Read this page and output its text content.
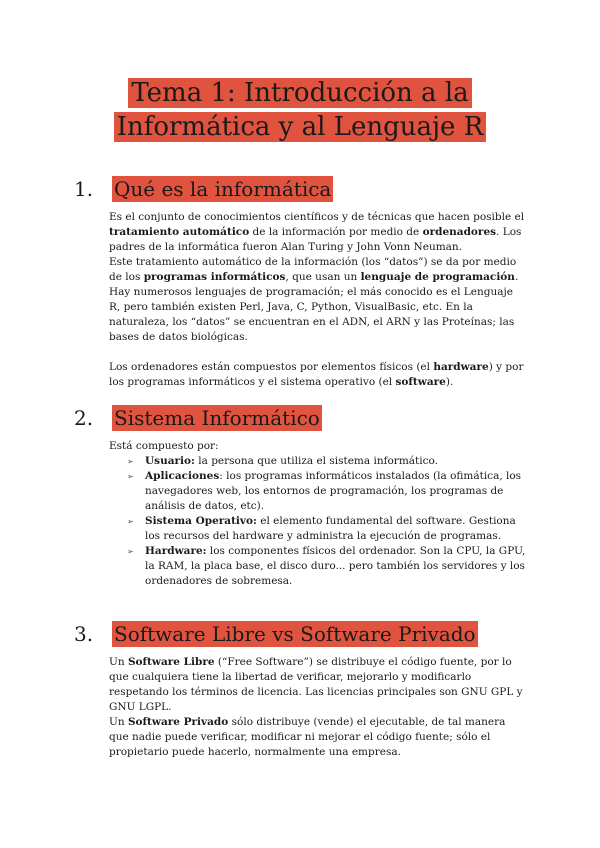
Tema 1: Introducción a la
Informática y al Lenguaje R
1.	Qué es la informática

Es el conjunto de conocimientos científicos y de técnicas que hacen posible el tratamiento automático de la información por medio de ordenadores. Los padres de la informática fueron Alan Turing y John Vonn Neuman.

Este tratamiento automático de la información (los “datos”) se da por medio de los programas informáticos, que usan un lenguaje de programación. Hay numerosos lenguajes de programación; el más conocido es el Lenguaje R, pero también existen Perl, Java, C, Python, VisualBasic, etc. En la naturaleza, los “datos” se encuentran en el ADN, el ARN y las Proteínas; las bases de datos biológicas.

Los ordenadores están compuestos por elementos físicos (el hardware) y por los programas informáticos y el sistema operativo (el software).

2.	Sistema Informático

Está compuesto por:

➢ Usuario: la persona que utiliza el sistema informático.
➢ Aplicaciones: los programas informáticos instalados (la ofimática, los navegadores web, los entornos de programación, los programas de análisis de datos, etc).
➢ Sistema Operativo: el elemento fundamental del software. Gestiona los recursos del hardware y administra la ejecución de programas.
➢ Hardware: los componentes físicos del ordenador. Son la CPU, la GPU, la RAM, la placa base, el disco duro... pero también los servidores y los ordenadores de sobremesa.
3.	Software Libre vs Software Privado

Un Software Libre (“Free Software”) se distribuye el código fuente, por lo que cualquiera tiene la libertad de verificar, mejorarlo y modificarlo respetando los términos de licencia. Las licencias principales son GNU GPL y GNU LGPL.

Un Software Privado sólo distribuye (vende) el ejecutable, de tal manera que nadie puede verificar, modificar ni mejorar el código fuente; sólo el propietario puede hacerlo, normalmente una empresa.
